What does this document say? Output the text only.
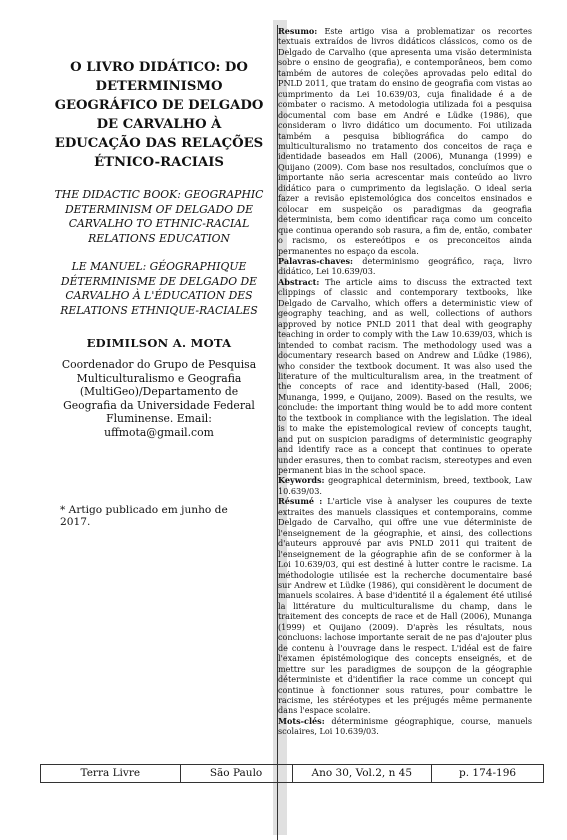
O LIVRO DIDÁTICO: DO DETERMINISMO GEOGRÁFICO DE DELGADO DE CARVALHO À EDUCAÇÃO DAS RELAÇÕES ÉTNICO-RACIAIS

THE DIDACTIC BOOK: GEOGRAPHIC DETERMINISM OF DELGADO DE CARVALHO TO ETHNIC-RACIAL RELATIONS EDUCATION

LE MANUEL: GÉOGRAPHIQUE DÉTERMINISME DE DELGADO DE CARVALHO À L'ÉDUCATION DES RELATIONS ETHNIQUE-RACIALES

EDIMILSON A. MOTA

Coordenador do Grupo de Pesquisa Multiculturalismo e Geografia (MultiGeo)/Departamento de Geografia da Universidade Federal Fluminense. Email: uffmota@gmail.com

* Artigo publicado em junho de 2017.

Resumo: Este artigo visa a problematizar os recortes textuais extraídos de livros didáticos clássicos, como os de Delgado de Carvalho (que apresenta uma visão determinista sobre o ensino de geografia), e contemporâneos, bem como também de autores de coleções aprovadas pelo edital do PNLD 2011, que tratam do ensino de geografia com vistas ao cumprimento da Lei 10.639/03, cuja finalidade é a de combater o racismo. A metodologia utilizada foi a pesquisa documental com base em André e Lüdke (1986), que consideram o livro didático um documento. Foi utilizada também a pesquisa bibliográfica do campo do multiculturalismo no tratamento dos conceitos de raça e identidade baseados em Hall (2006), Munanga (1999) e Quijano (2009). Com base nos resultados, concluímos que o importante não seria acrescentar mais conteúdo ao livro didático para o cumprimento da legislação. O ideal seria fazer a revisão epistemológica dos conceitos ensinados e colocar em suspeição os paradigmas da geografia determinista, bem como identificar raça como um conceito que continua operando sob rasura, a fim de, então, combater o racismo, os estereótipos e os preconceitos ainda permanentes no espaço da escola.

Palavras-chaves: determinismo geográfico, raça, livro didático, Lei 10.639/03.

Abstract: The article aims to discuss the extracted text clippings of classic and contemporary textbooks, like Delgado de Carvalho, which offers a deterministic view of geography teaching, and as well, collections of authors approved by notice PNLD 2011 that deal with geography teaching in order to comply with the Law 10.639/03, which is intended to combat racism. The methodology used was a documentary research based on Andrew and Lüdke (1986), who consider the textbook document. It was also used the literature of the multiculturalism area, in the treatment of the concepts of race and identity-based (Hall, 2006; Munanga, 1999, e Quijano, 2009). Based on the results, we conclude: the important thing would be to add more content to the textbook in compliance with the legislation. The ideal is to make the epistemological review of concepts taught, and put on suspicion paradigms of deterministic geography and identify race as a concept that continues to operate under erasures, then to combat racism, stereotypes and even permanent bias in the school space.

Keywords: geographical determinism, breed, textbook, Law 10.639/03.

Résumé : L'article vise à analyser les coupures de texte extraites des manuels classiques et contemporains, comme Delgado de Carvalho, qui offre une vue déterministe de l'enseignement de la géographie, et ainsi, des collections d'auteurs approuvé par avis PNLD 2011 qui traitent de l'enseignement de la géographie afin de se conformer à la Loi 10.639/03, qui est destiné à lutter contre le racisme. La méthodologie utilisée est la recherche documentaire basé sur Andrew et Lüdke (1986), qui considèrent le document de manuels scolaires. À base d'identité il a également été utilisé la littérature du multiculturalisme du champ, dans le traitement des concepts de race et de Hall (2006), Munanga (1999) et Quijano (2009). D'après les résultats, nous concluons: lachose importante serait de ne pas d'ajouter plus de contenu à l'ouvrage dans le respect. L'idéal est de faire l'examen épistémologique des concepts enseignés, et de mettre sur les paradigmes de soupçon de la géographie déterministe et d'identifier la race comme un concept qui continue à fonctionner sous ratures, pour combattre le racisme, les stéréotypes et les préjugés même permanente dans l'espace scolaire.

Mots-clés: déterminisme géographique, course, manuels scolaires, Loi 10.639/03.

Terra Livre	São Paulo	Ano 30, Vol.2, n 45	p. 174-196
